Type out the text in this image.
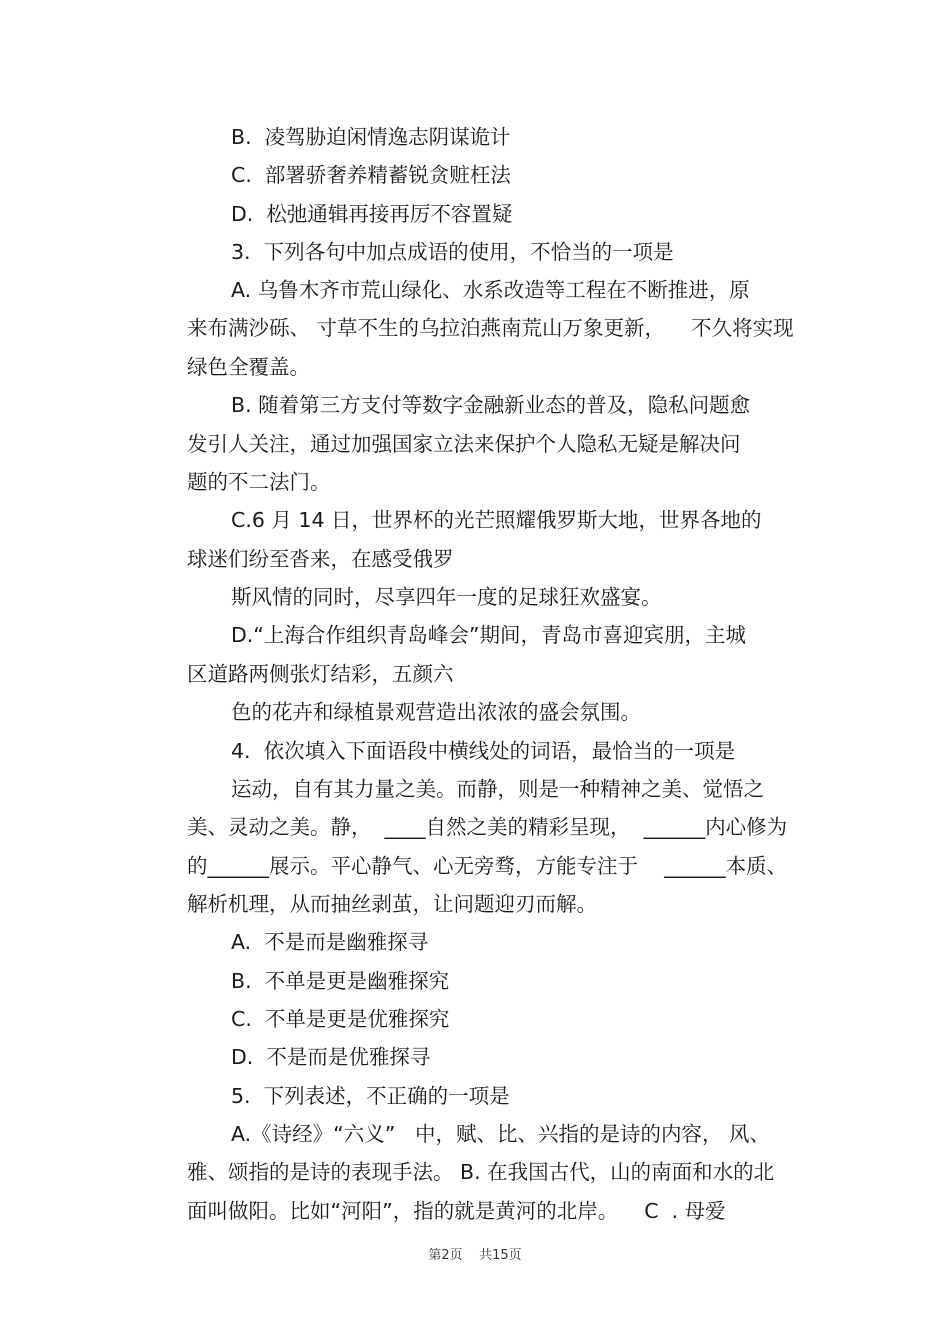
B.  凌驾胁迫闲情逸志阴谋诡计
C.  部署骄奢养精蓄锐贪赃枉法
D.  松弛通辑再接再厉不容置疑
3.  下列各句中加点成语的使用，不恰当的一项是
A. 乌鲁木齐市荒山绿化、水系改造等工程在不断推进，原
来布满沙砾、 寸草不生的乌拉泊燕南荒山万象更新，    不久将实现
绿色全覆盖。
B. 随着第三方支付等数字金融新业态的普及，隐私问题愈
发引人关注，通过加强国家立法来保护个人隐私无疑是解决问
题的不二法门。
C.6 月 14 日，世界杯的光芒照耀俄罗斯大地，世界各地的
球迷们纷至沓来，在感受俄罗
斯风情的同时，尽享四年一度的足球狂欢盛宴。
D.“上海合作组织青岛峰会”期间，青岛市喜迎宾朋，主城
区道路两侧张灯结彩，五颜六
色的花卉和绿植景观营造出浓浓的盛会氛围。
4.  依次填入下面语段中横线处的词语，最恰当的一项是
运动，自有其力量之美。而静，则是一种精神之美、觉悟之
美、灵动之美。静，  ____自然之美的精彩呈现，  ______内心修为
的______展示。平心静气、心无旁骛，方能专注于    ______本质、
解析机理，从而抽丝剥茧，让问题迎刃而解。
A.  不是而是幽雅探寻
B.  不单是更是幽雅探究
C.  不单是更是优雅探究
D.  不是而是优雅探寻
5.  下列表述，不正确的一项是
A.《诗经》“六义”   中，赋、比、兴指的是诗的内容， 风、
雅、颂指的是诗的表现手法。 B. 在我国古代，山的南面和水的北
面叫做阳。比如“河阳”，指的就是黄河的北岸。    C  . 母爱
第2页    共15页
